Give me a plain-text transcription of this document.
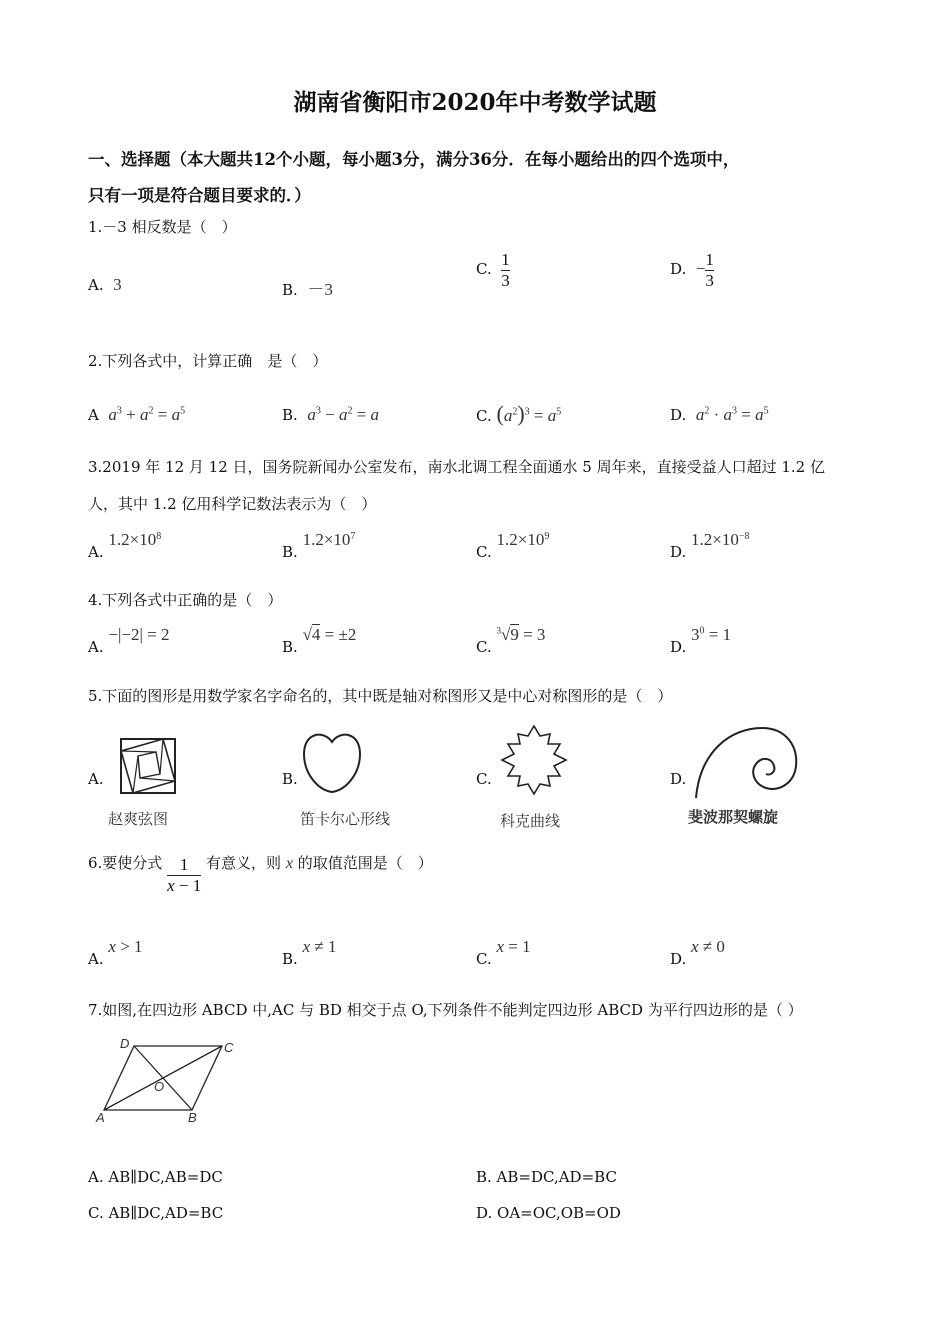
湖南省衡阳市2020年中考数学试题
一、选择题（本大题共12个小题，每小题3分，满分36分．在每小题给出的四个选项中，
只有一项是符合题目要求的．）
1.－3 相反数是（　）
A. 3	B. －3
C. $\frac{1}{3}$	D. − $\frac{1}{3}$
2.下列各式中，计算正确　是（　）
A $a^3 + a^2 = a^5$	B. $a^3 - a^2 = a$	C. $(a^2)^3 = a^5$	D. $a^2 \cdot a^3 = a^5$
3.2019 年 12 月 12 日，国务院新闻办公室发布，南水北调工程全面通水 5 周年来，直接受益人口超过 1.2 亿
人，其中 1.2 亿用科学记数法表示为（　）
A. $1.2\times 10^8$
B. $1.2\times 10^7$
C. $1.2\times 10^9$
D. $1.2\times 10^{-8}$
4.下列各式中正确的是（　）
A. −|−2| = 2
B. √4 = ±2
C. $^3$√9 = 3
D. $3^0 = 1$
5.下面的图形是用数学家名字命名的，其中既是轴对称图形又是中心对称图形的是（　）
A.
赵爽弦图
B.
笛卡尔心形线
C.
科克曲线
D.
斐波那契螺旋
6.要使分式 $\frac{1}{x - 1}$ 有意义，则 x 的取值范围是（　）
A. x > 1
B. x ≠ 1
C. x = 1
D. x ≠ 0
7.如图,在四边形 ABCD 中,AC 与 BD 相交于点 O,下列条件不能判定四边形 ABCD 为平行四边形的是（ ）
D	C
O
A	B
A. AB∥DC,AB=DC	B. AB=DC,AD=BC
C. AB∥DC,AD=BC	D. OA=OC,OB=OD
